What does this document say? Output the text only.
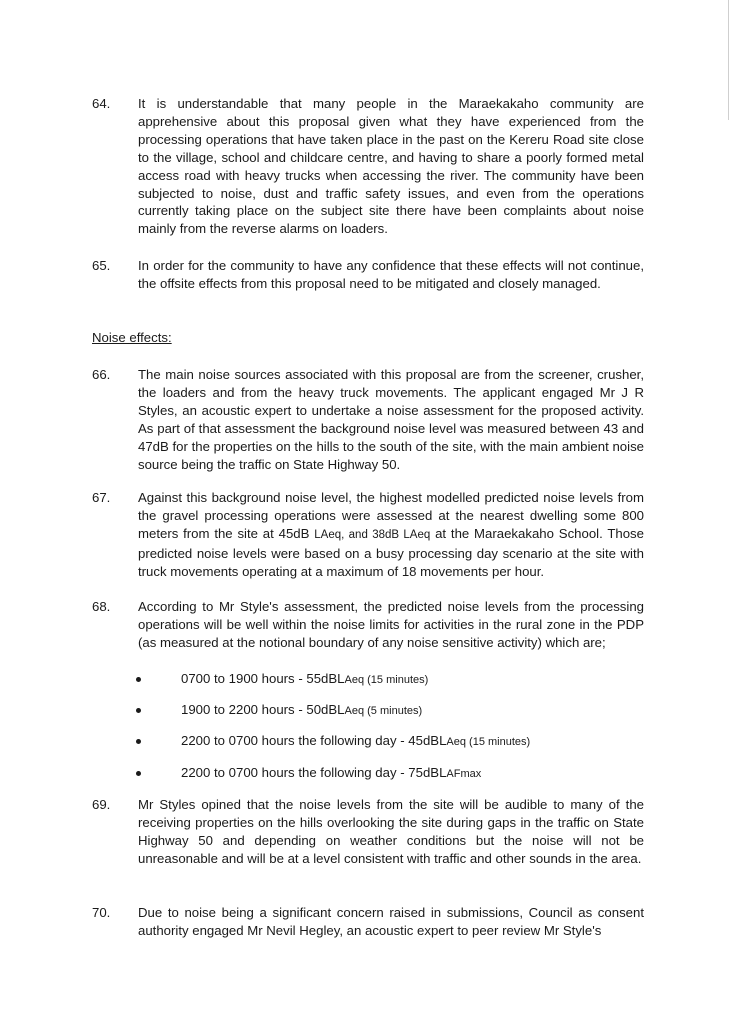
64.	It is understandable that many people in the Maraekakaho community are apprehensive about this proposal given what they have experienced from the processing operations that have taken place in the past on the Kereru Road site close to the village, school and childcare centre, and having to share a poorly formed metal access road with heavy trucks when accessing the river. The community have been subjected to noise, dust and traffic safety issues, and even from the operations currently taking place on the subject site there have been complaints about noise mainly from the reverse alarms on loaders.
65.	In order for the community to have any confidence that these effects will not continue, the offsite effects from this proposal need to be mitigated and closely managed.
Noise effects:
66.	The main noise sources associated with this proposal are from the screener, crusher, the loaders and from the heavy truck movements. The applicant engaged Mr J R Styles, an acoustic expert to undertake a noise assessment for the proposed activity. As part of that assessment the background noise level was measured between 43 and 47dB for the properties on the hills to the south of the site, with the main ambient noise source being the traffic on State Highway 50.
67.	Against this background noise level, the highest modelled predicted noise levels from the gravel processing operations were assessed at the nearest dwelling some 800 meters from the site at 45dB LAeq, and 38dB LAeq at the Maraekakaho School. Those predicted noise levels were based on a busy processing day scenario at the site with truck movements operating at a maximum of 18 movements per hour.
68.	According to Mr Style's assessment, the predicted noise levels from the processing operations will be well within the noise limits for activities in the rural zone in the PDP (as measured at the notional boundary of any noise sensitive activity) which are;
0700 to 1900 hours - 55dBLAeq (15 minutes)
1900 to 2200 hours - 50dBLAeq (5 minutes)
2200 to 0700 hours the following day - 45dBLAeq (15 minutes)
2200 to 0700 hours the following day - 75dBLAFmax
69.	Mr Styles opined that the noise levels from the site will be audible to many of the receiving properties on the hills overlooking the site during gaps in the traffic on State Highway 50 and depending on weather conditions but the noise will not be unreasonable and will be at a level consistent with traffic and other sounds in the area.
70.	Due to noise being a significant concern raised in submissions, Council as consent authority engaged Mr Nevil Hegley, an acoustic expert to peer review Mr Style's
